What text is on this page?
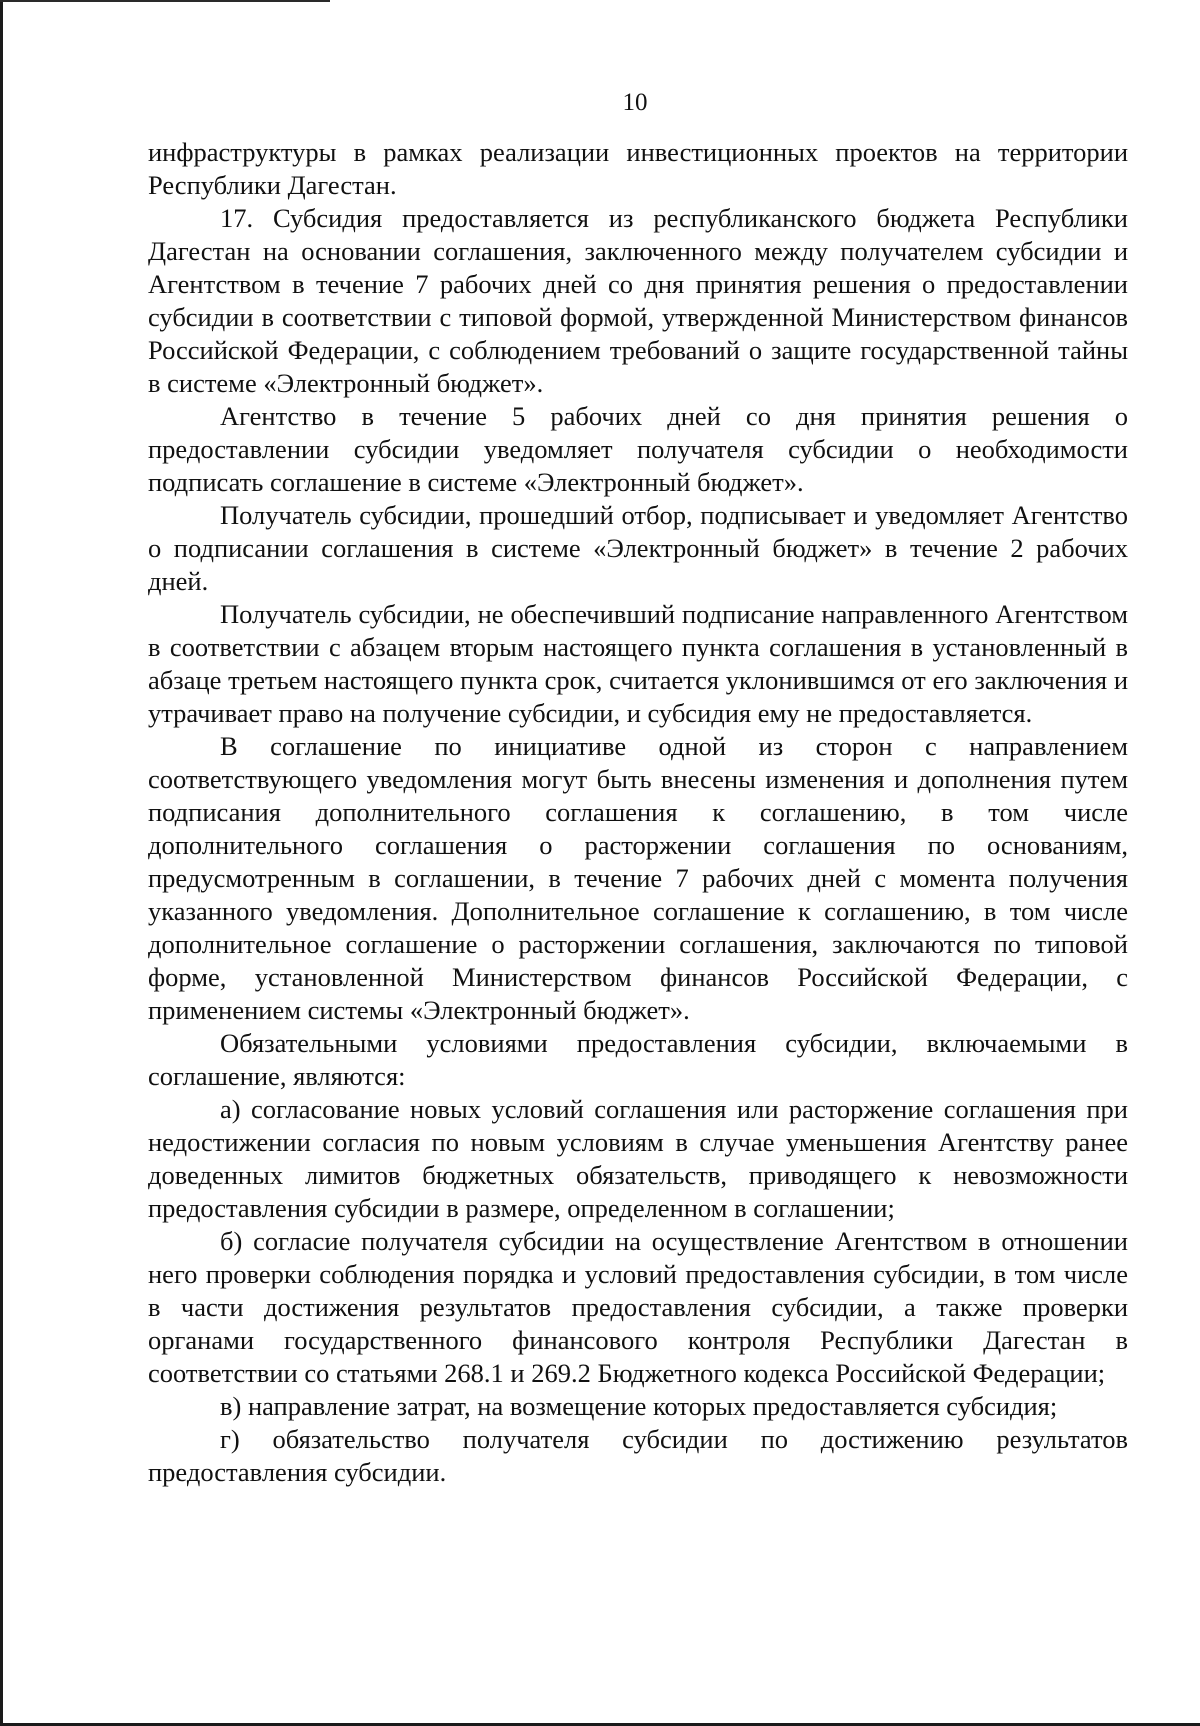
10

инфраструктуры в рамках реализации инвестиционных проектов на территории Республики Дагестан.

17. Субсидия предоставляется из республиканского бюджета Республики Дагестан на основании соглашения, заключенного между получателем субсидии и Агентством в течение 7 рабочих дней со дня принятия решения о предоставлении субсидии в соответствии с типовой формой, утвержденной Министерством финансов Российской Федерации, с соблюдением требований о защите государственной тайны в системе «Электронный бюджет».

Агентство в течение 5 рабочих дней со дня принятия решения о предоставлении субсидии уведомляет получателя субсидии о необходимости подписать соглашение в системе «Электронный бюджет».

Получатель субсидии, прошедший отбор, подписывает и уведомляет Агентство о подписании соглашения в системе «Электронный бюджет» в течение 2 рабочих дней.

Получатель субсидии, не обеспечивший подписание направленного Агентством в соответствии с абзацем вторым настоящего пункта соглашения в установленный в абзаце третьем настоящего пункта срок, считается уклонившимся от его заключения и утрачивает право на получение субсидии, и субсидия ему не предоставляется.

В соглашение по инициативе одной из сторон с направлением соответствующего уведомления могут быть внесены изменения и дополнения путем подписания дополнительного соглашения к соглашению, в том числе дополнительного соглашения о расторжении соглашения по основаниям, предусмотренным в соглашении, в течение 7 рабочих дней с момента получения указанного уведомления. Дополнительное соглашение к соглашению, в том числе дополнительное соглашение о расторжении соглашения, заключаются по типовой форме, установленной Министерством финансов Российской Федерации, с применением системы «Электронный бюджет».

Обязательными условиями предоставления субсидии, включаемыми в соглашение, являются:

а) согласование новых условий соглашения или расторжение соглашения при недостижении согласия по новым условиям в случае уменьшения Агентству ранее доведенных лимитов бюджетных обязательств, приводящего к невозможности предоставления субсидии в размере, определенном в соглашении;

б) согласие получателя субсидии на осуществление Агентством в отношении него проверки соблюдения порядка и условий предоставления субсидии, в том числе в части достижения результатов предоставления субсидии, а также проверки органами государственного финансового контроля Республики Дагестан в соответствии со статьями 268.1 и 269.2 Бюджетного кодекса Российской Федерации;

в) направление затрат, на возмещение которых предоставляется субсидия;

г) обязательство получателя субсидии по достижению результатов предоставления субсидии.
